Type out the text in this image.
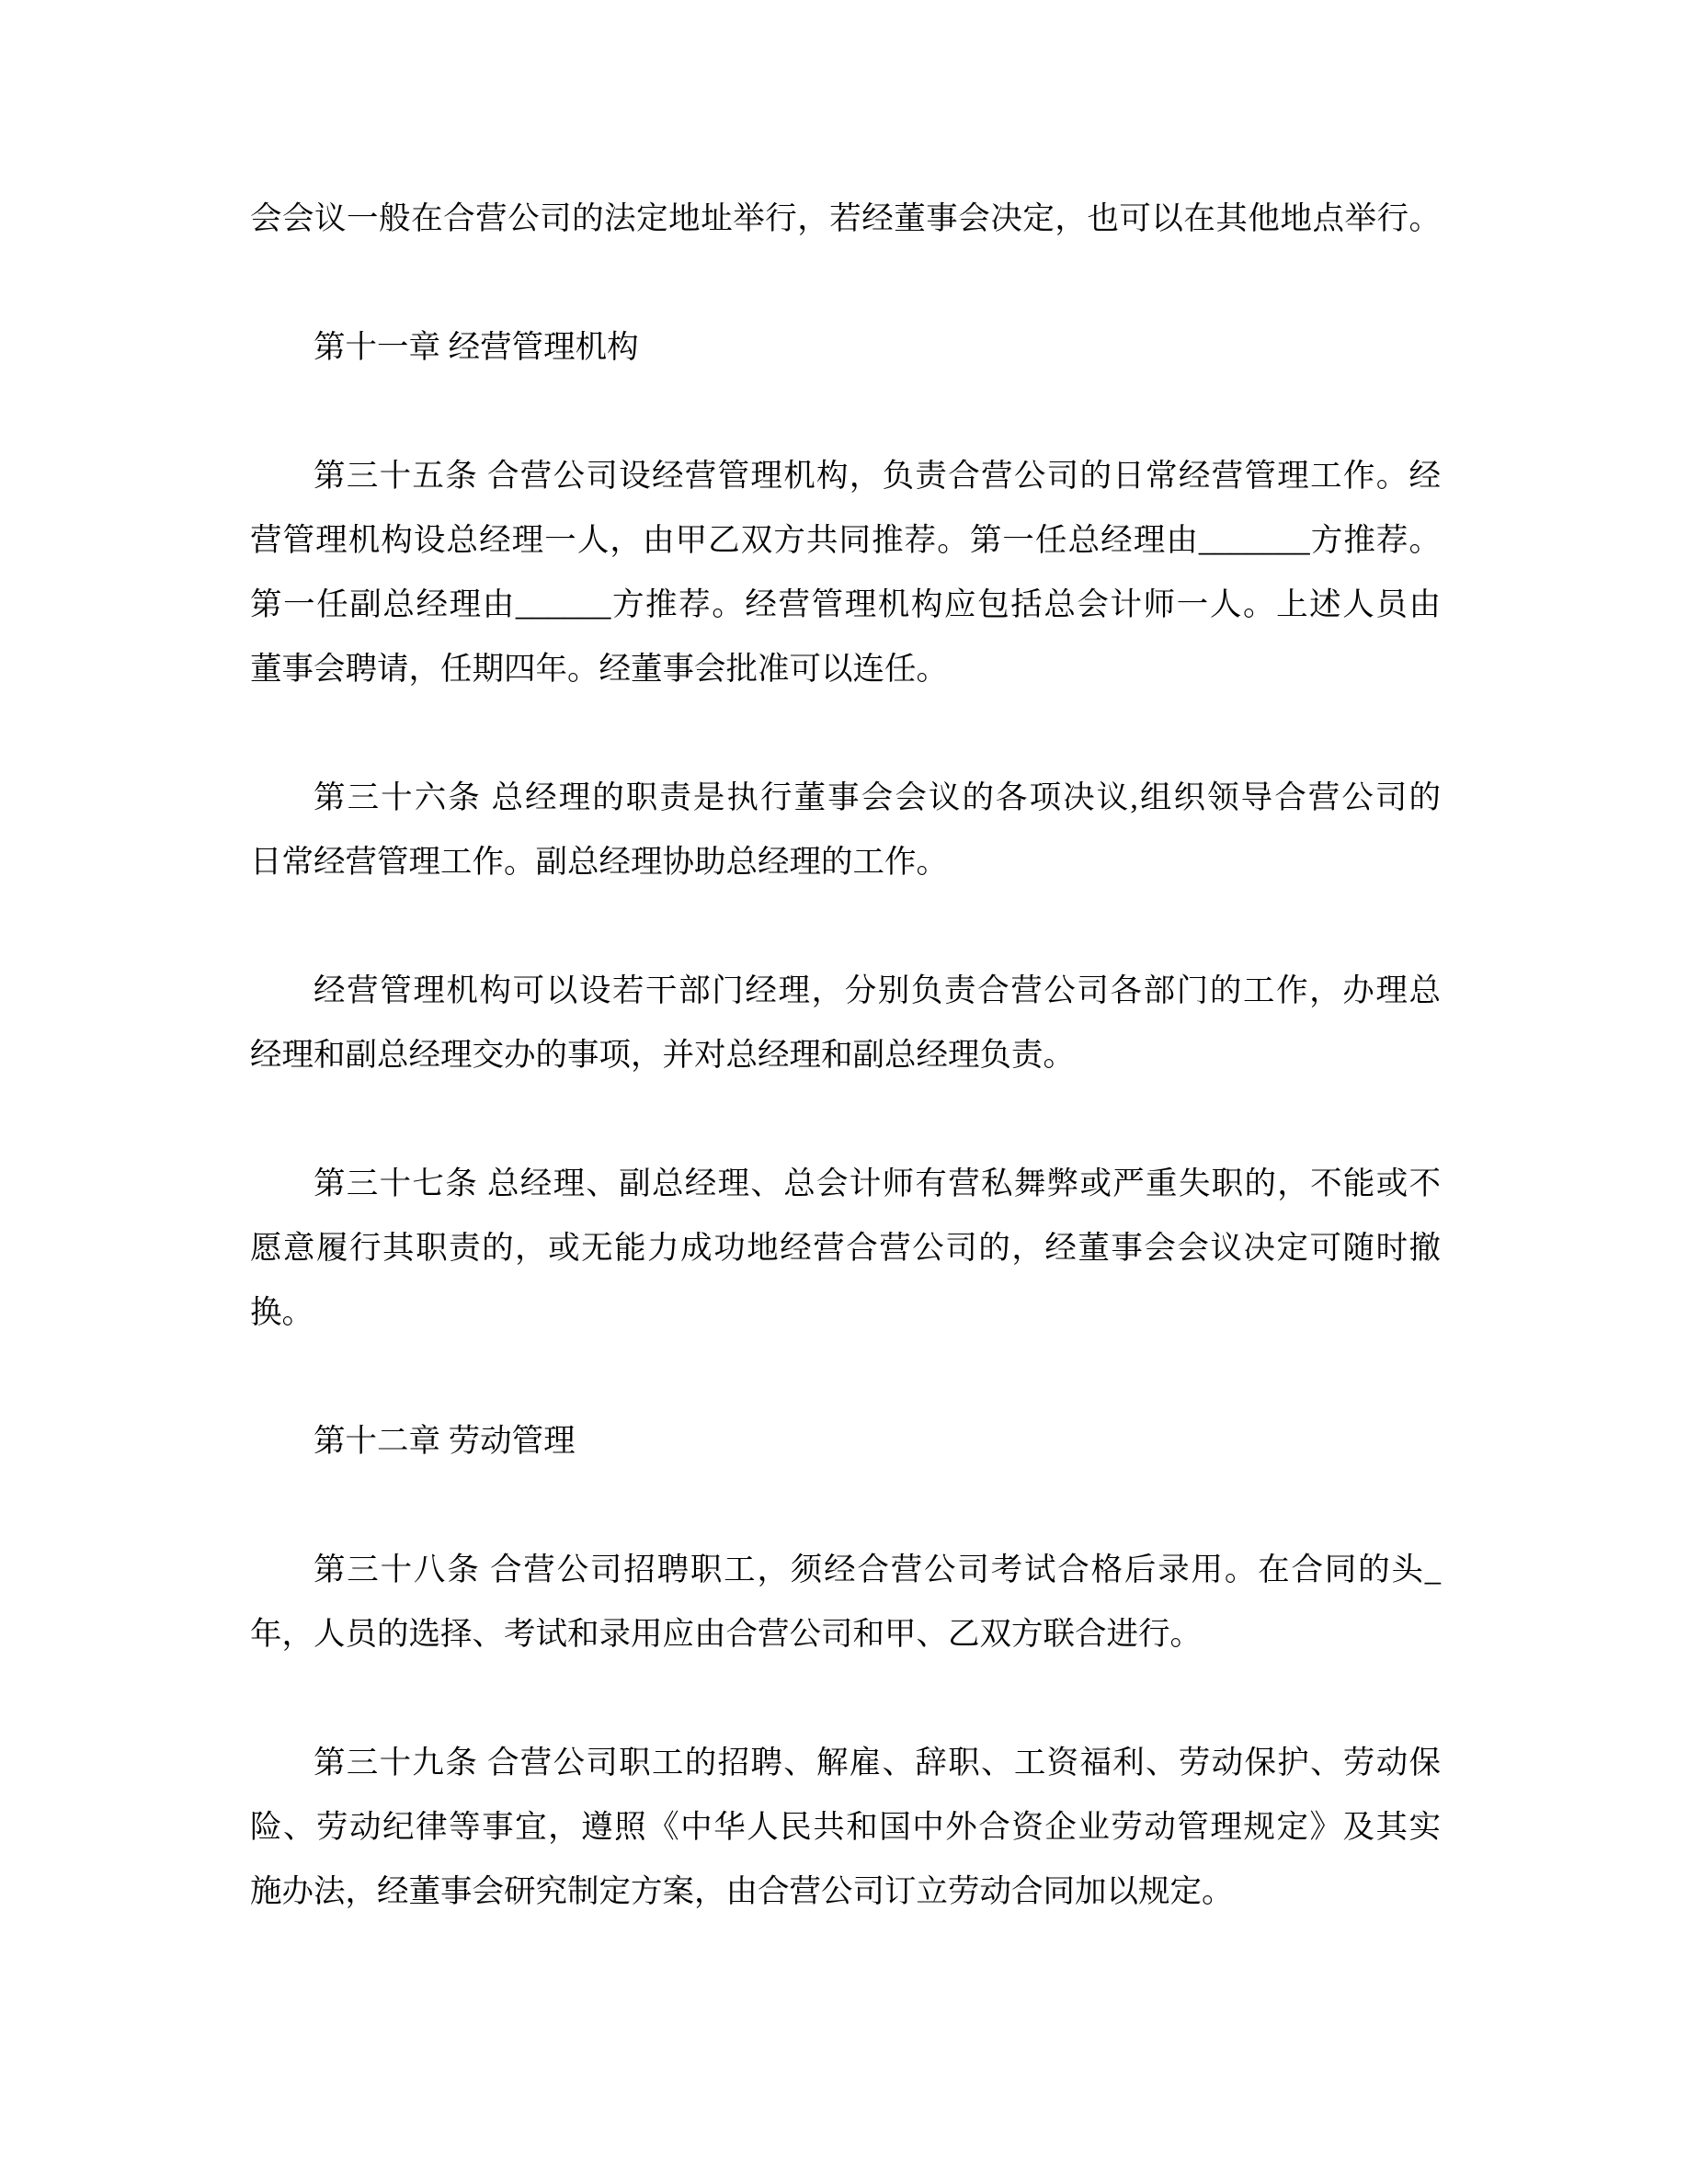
会会议一般在合营公司的法定地址举行，若经董事会决定，也可以在其他地点举行。
第十一章 经营管理机构
第三十五条 合营公司设经营管理机构，负责合营公司的日常经营管理工作。经
营管理机构设总经理一人，由甲乙双方共同推荐。第一任总经理由_______方推荐。
第一任副总经理由______方推荐。经营管理机构应包括总会计师一人。上述人员由
董事会聘请，任期四年。经董事会批准可以连任。
第三十六条 总经理的职责是执行董事会会议的各项决议,组织领导合营公司的
日常经营管理工作。副总经理协助总经理的工作。
经营管理机构可以设若干部门经理，分别负责合营公司各部门的工作，办理总
经理和副总经理交办的事项，并对总经理和副总经理负责。
第三十七条 总经理、副总经理、总会计师有营私舞弊或严重失职的，不能或不
愿意履行其职责的，或无能力成功地经营合营公司的，经董事会会议决定可随时撤
换。
第十二章 劳动管理
第三十八条 合营公司招聘职工，须经合营公司考试合格后录用。在合同的头_
年，人员的选择、考试和录用应由合营公司和甲、乙双方联合进行。
第三十九条 合营公司职工的招聘、解雇、辞职、工资福利、劳动保护、劳动保
险、劳动纪律等事宜，遵照《中华人民共和国中外合资企业劳动管理规定》及其实
施办法，经董事会研究制定方案，由合营公司订立劳动合同加以规定。
